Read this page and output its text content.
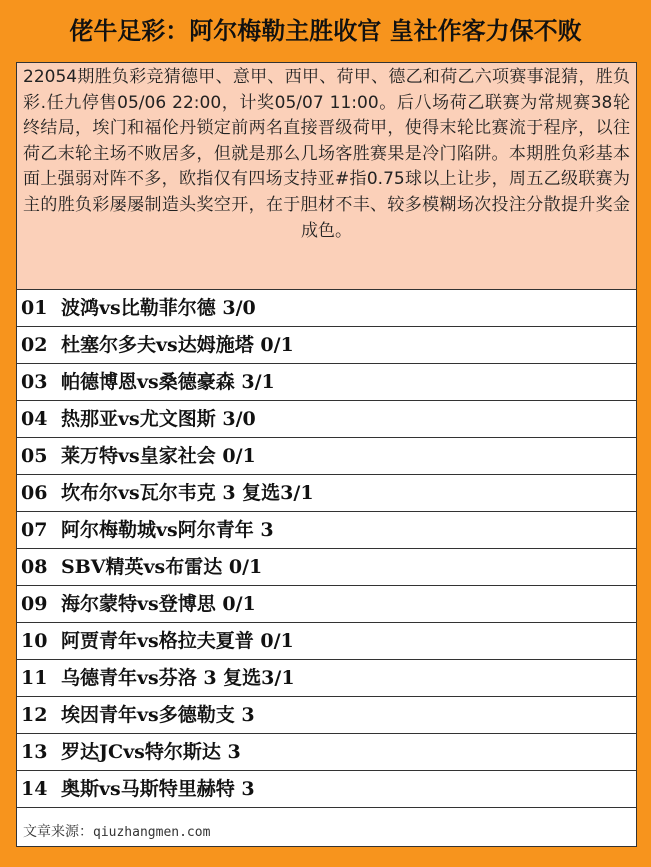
佬牛足彩：阿尔梅勒主胜收官 皇社作客力保不败
22054期胜负彩竞猜德甲、意甲、西甲、荷甲、德乙和荷乙六项赛事混猜，胜负彩.任九停售05/06 22:00，计奖05/07 11:00。后八场荷乙联赛为常规赛38轮终结局，埃门和福伦丹锁定前两名直接晋级荷甲，使得末轮比赛流于程序，以往荷乙末轮主场不败居多，但就是那么几场客胜赛果是冷门陷阱。本期胜负彩基本面上强弱对阵不多，欧指仅有四场支持亚#指0.75球以上让步，周五乙级联赛为主的胜负彩屡屡制造头奖空开，在于胆材不丰、较多模糊场次投注分散提升奖金成色。
01 波鸿vs比勒菲尔德 3/0
02 杜塞尔多夫vs达姆施塔 0/1
03 帕德博恩vs桑德豪森 3/1
04 热那亚vs尤文图斯 3/0
05 莱万特vs皇家社会 0/1
06 坎布尔vs瓦尔韦克 3 复选3/1
07 阿尔梅勒城vs阿尔青年 3
08 SBV精英vs布雷达 0/1
09 海尔蒙特vs登博思 0/1
10 阿贾青年vs格拉夫夏普 0/1
11 乌德青年vs芬洛 3 复选3/1
12 埃因青年vs多德勒支 3
13 罗达JCvs特尔斯达 3
14 奥斯vs马斯特里赫特 3
文章来源：qiuzhangmen.com
